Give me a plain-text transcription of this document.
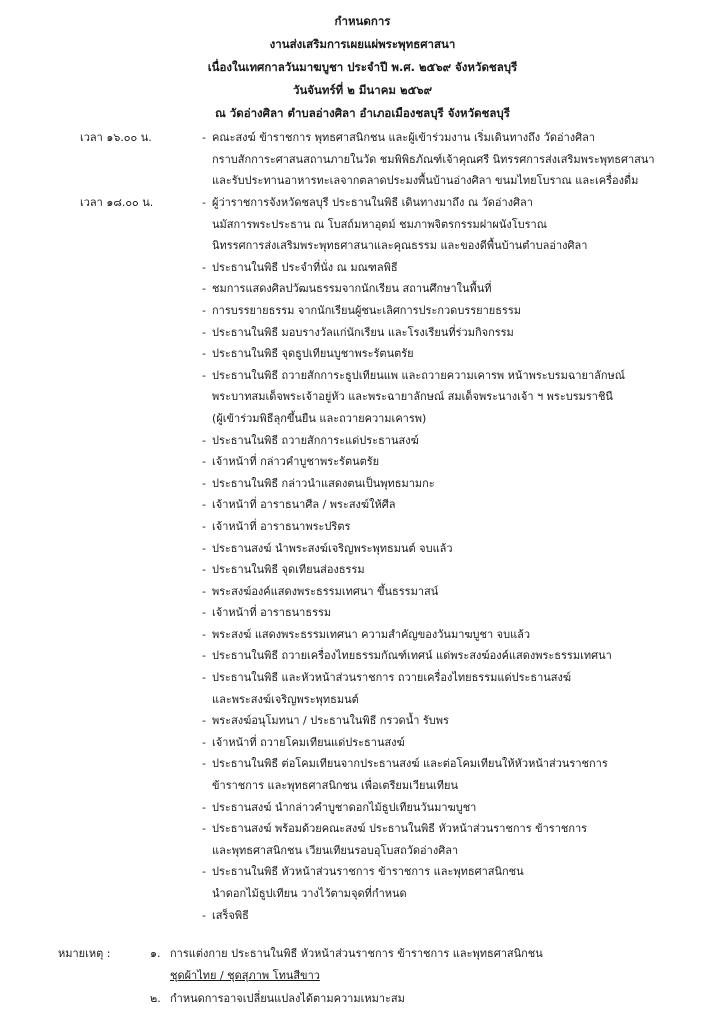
กำหนดการ
งานส่งเสริมการเผยแผ่พระพุทธศาสนา
เนื่องในเทศกาลวันมาฆบูชา ประจำปี พ.ศ. ๒๕๖๙ จังหวัดชลบุรี
วันจันทร์ที่ ๒ มีนาคม ๒๕๖๙
ณ วัดอ่างศิลา ตำบลอ่างศิลา อำเภอเมืองชลบุรี จังหวัดชลบุรี
เวลา ๑๖.๐๐ น.	- คณะสงฆ์ ข้าราชการ พุทธศาสนิกชน และผู้เข้าร่วมงาน เริ่มเดินทางถึง วัดอ่างศิลา
กราบสักการะศาสนสถานภายในวัด ชมพิพิธภัณฑ์เจ้าคุณศรี นิทรรศการส่งเสริมพระพุทธศาสนา
และรับประทานอาหารทะเลจากตลาดประมงพื้นบ้านอ่างศิลา ขนมไทยโบราณ และเครื่องดื่ม
เวลา ๑๘.๐๐ น.	- ผู้ว่าราชการจังหวัดชลบุรี ประธานในพิธี เดินทางมาถึง ณ วัดอ่างศิลา
นมัสการพระประธาน ณ โบสถ์มหาอุตม์ ชมภาพจิตรกรรมฝาผนังโบราณ
นิทรรศการส่งเสริมพระพุทธศาสนาและคุณธรรม และของดีพื้นบ้านตำบลอ่างศิลา
- ประธานในพิธี ประจำที่นั่ง ณ มณฑลพิธี
- ชมการแสดงศิลปวัฒนธรรมจากนักเรียน สถานศึกษาในพื้นที่
- การบรรยายธรรม จากนักเรียนผู้ชนะเลิศการประกวดบรรยายธรรม
- ประธานในพิธี มอบรางวัลแก่นักเรียน และโรงเรียนที่ร่วมกิจกรรม
- ประธานในพิธี จุดธูปเทียนบูชาพระรัตนตรัย
- ประธานในพิธี ถวายสักการะธูปเทียนแพ และถวายความเคารพ หน้าพระบรมฉายาลักษณ์
พระบาทสมเด็จพระเจ้าอยู่หัว และพระฉายาลักษณ์ สมเด็จพระนางเจ้า ฯ พระบรมราชินี
(ผู้เข้าร่วมพิธีลุกขึ้นยืน และถวายความเคารพ)
- ประธานในพิธี ถวายสักการะแด่ประธานสงฆ์
- เจ้าหน้าที่ กล่าวคำบูชาพระรัตนตรัย
- ประธานในพิธี กล่าวนำแสดงตนเป็นพุทธมามกะ
- เจ้าหน้าที่ อาราธนาศีล / พระสงฆ์ให้ศีล
- เจ้าหน้าที่ อาราธนาพระปริตร
- ประธานสงฆ์ นำพระสงฆ์เจริญพระพุทธมนต์ จบแล้ว
- ประธานในพิธี จุดเทียนส่องธรรม
- พระสงฆ์องค์แสดงพระธรรมเทศนา ขึ้นธรรมาสน์
- เจ้าหน้าที่ อาราธนาธรรม
- พระสงฆ์ แสดงพระธรรมเทศนา ความสำคัญของวันมาฆบูชา จบแล้ว
- ประธานในพิธี ถวายเครื่องไทยธรรมกัณฑ์เทศน์ แด่พระสงฆ์องค์แสดงพระธรรมเทศนา
- ประธานในพิธี และหัวหน้าส่วนราชการ ถวายเครื่องไทยธรรมแด่ประธานสงฆ์
และพระสงฆ์เจริญพระพุทธมนต์
- พระสงฆ์อนุโมทนา / ประธานในพิธี กรวดน้ำ รับพร
- เจ้าหน้าที่ ถวายโคมเทียนแด่ประธานสงฆ์
- ประธานในพิธี ต่อโคมเทียนจากประธานสงฆ์ และต่อโคมเทียนให้หัวหน้าส่วนราชการ
ข้าราชการ และพุทธศาสนิกชน เพื่อเตรียมเวียนเทียน
- ประธานสงฆ์ นำกล่าวคำบูชาดอกไม้ธูปเทียนวันมาฆบูชา
- ประธานสงฆ์ พร้อมด้วยคณะสงฆ์ ประธานในพิธี หัวหน้าส่วนราชการ ข้าราชการ
และพุทธศาสนิกชน เวียนเทียนรอบอุโบสถวัดอ่างศิลา
- ประธานในพิธี หัวหน้าส่วนราชการ ข้าราชการ และพุทธศาสนิกชน
นำดอกไม้ธูปเทียน วางไว้ตามจุดที่กำหนด
- เสร็จพิธี
หมายเหตุ :	๑. การแต่งกาย ประธานในพิธี หัวหน้าส่วนราชการ ข้าราชการ และพุทธศาสนิกชน
ชุดผ้าไทย / ชุดสุภาพ โทนสีขาว
๒. กำหนดการอาจเปลี่ยนแปลงได้ตามความเหมาะสม
